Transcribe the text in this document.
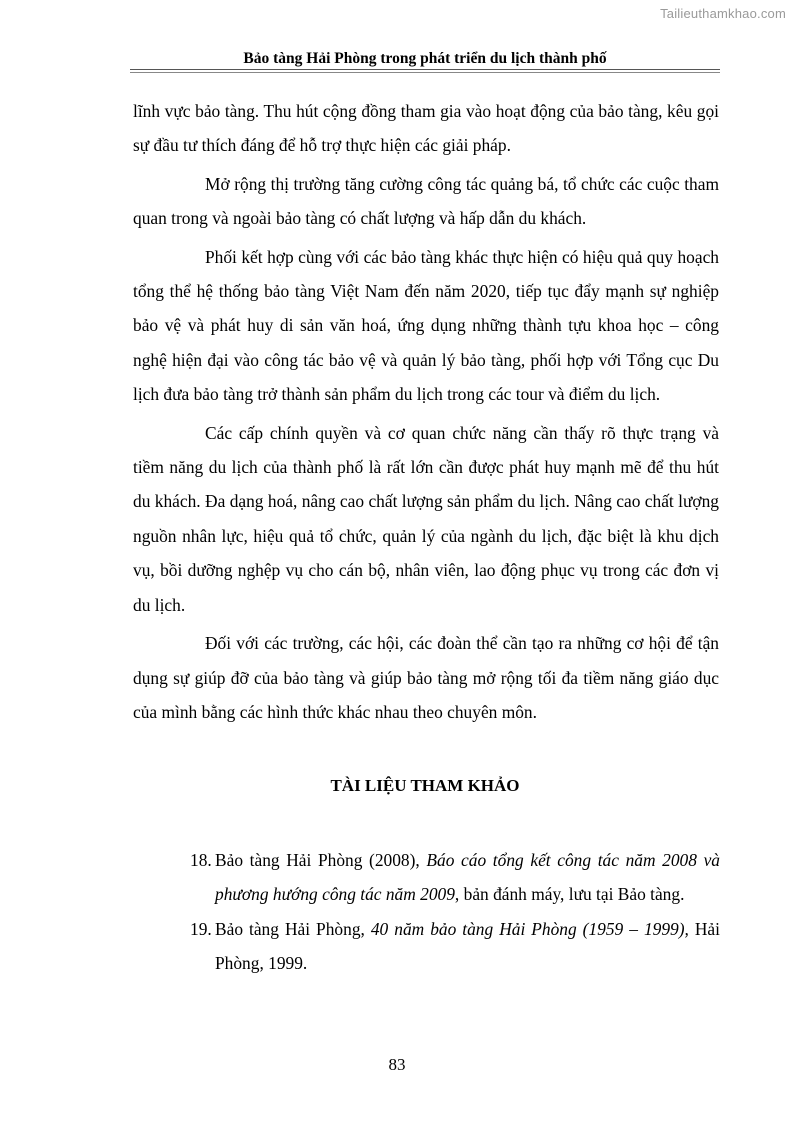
Tailieuthamkhao.com
Bảo tàng Hải Phòng trong phát triển du lịch thành phố

lĩnh vực bảo tàng. Thu hút cộng đồng tham gia vào hoạt động của bảo tàng, kêu gọi sự đầu tư thích đáng để hỗ trợ thực hiện các giải pháp.

Mở rộng thị trường tăng cường công tác quảng bá, tổ chức các cuộc tham quan trong và ngoài bảo tàng có chất lượng và hấp dẫn du khách.

Phối kết hợp cùng với các bảo tàng khác thực hiện có hiệu quả quy hoạch tổng thể hệ thống bảo tàng Việt Nam đến năm 2020, tiếp tục đẩy mạnh sự nghiệp bảo vệ và phát huy di sản văn hoá, ứng dụng những thành tựu khoa học – công nghệ hiện đại vào công tác bảo vệ và quản lý bảo tàng, phối hợp với Tổng cục Du lịch đưa bảo tàng trở thành sản phẩm du lịch trong các tour và điểm du lịch.

Các cấp chính quyền và cơ quan chức năng cần thấy rõ thực trạng và tiềm năng du lịch của thành phố là rất lớn cần được phát huy mạnh mẽ để thu hút du khách. Đa dạng hoá, nâng cao chất lượng sản phẩm du lịch. Nâng cao chất lượng nguồn nhân lực, hiệu quả tổ chức, quản lý của ngành du lịch, đặc biệt là khu dịch vụ, bồi dưỡng nghệp vụ cho cán bộ, nhân viên, lao động phục vụ trong các đơn vị du lịch.

Đối với các trường, các hội, các đoàn thể cần tạo ra những cơ hội để tận dụng sự giúp đỡ của bảo tàng và giúp bảo tàng mở rộng tối đa tiềm năng giáo dục của mình bằng các hình thức khác nhau theo chuyên môn.

TÀI LIỆU THAM KHẢO
18. Bảo tàng Hải Phòng (2008), Báo cáo tổng kết công tác năm 2008 và phương hướng công tác năm 2009, bản đánh máy, lưu tại Bảo tàng.
19. Bảo tàng Hải Phòng, 40 năm bảo tàng Hải Phòng (1959 – 1999), Hải Phòng, 1999.
83
